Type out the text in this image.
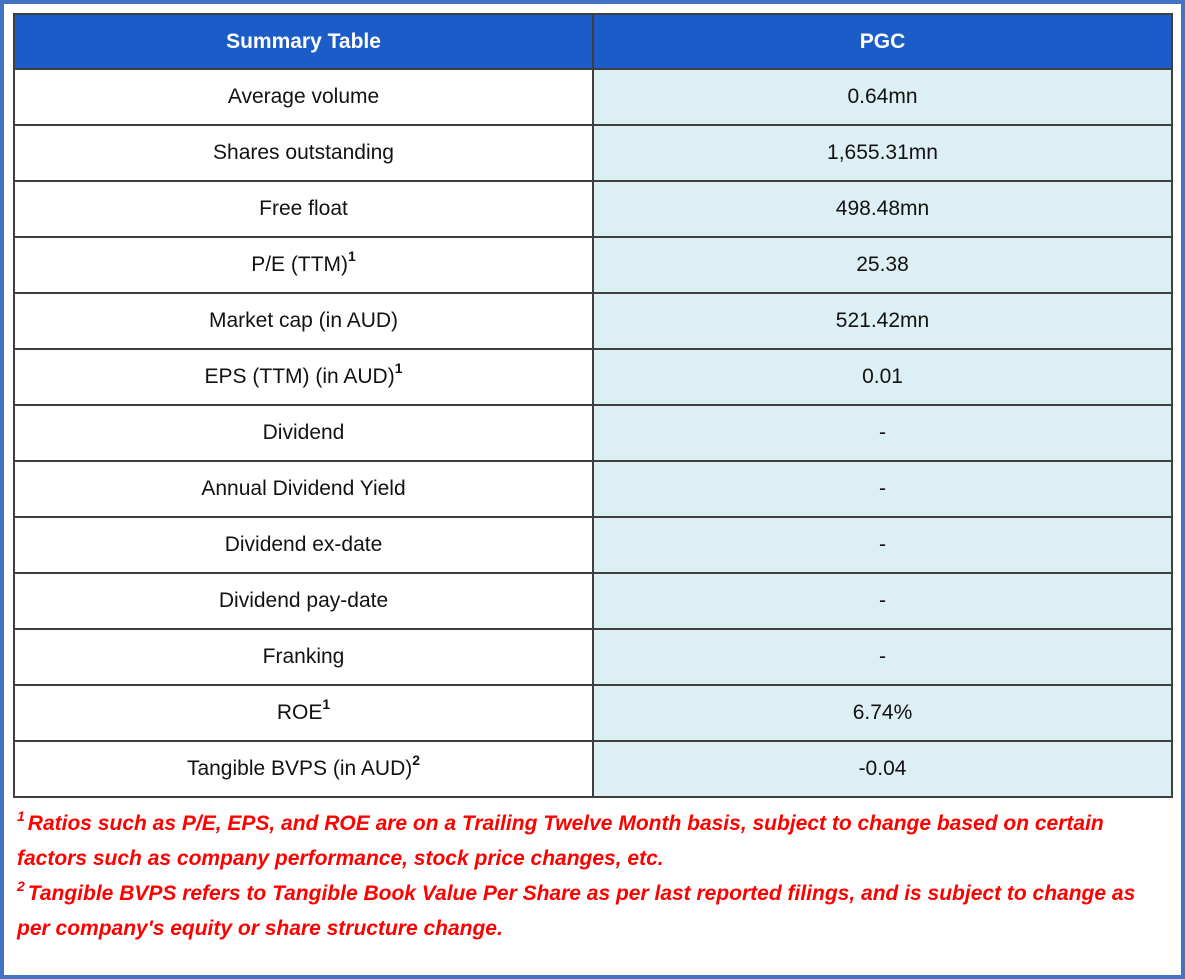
Summary Table	PGC
Average volume	0.64mn
Shares outstanding	1,655.31mn
Free float	498.48mn
P/E (TTM)$^1$	25.38
Market cap (in AUD)	521.42mn
EPS (TTM) (in AUD)$^1$	0.01
Dividend	-
Annual Dividend Yield	-
Dividend ex-date	-
Dividend pay-date	-
Franking	-
ROE$^1$	6.74%
Tangible BVPS (in AUD)$^2$	-0.04

$^1$ Ratios such as P/E, EPS, and ROE are on a Trailing Twelve Month basis, subject to change based on certain factors such as company performance, stock price changes, etc.

$^2$ Tangible BVPS refers to Tangible Book Value Per Share as per last reported filings, and is subject to change as per company's equity or share structure change.
